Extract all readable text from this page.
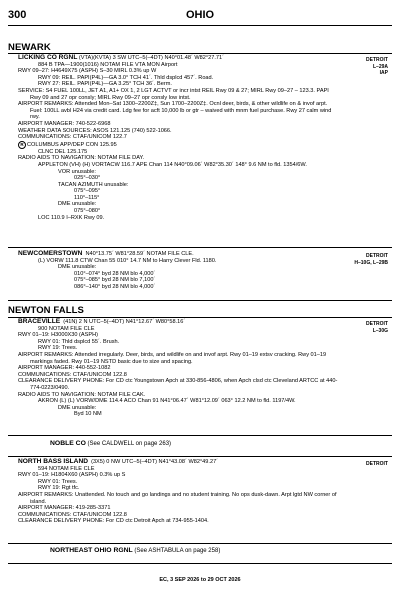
300	OHIO
NEWARK

LICKING CO RGNL (VTA)(KVTA) 3 SW UTC–5(–4DT) N40°01.48´ W82°27.71´

884 B TPA—1900(1016) NOTAM FILE VTA MON Airport

RWY 09–27: H4649X75 (ASPH) S–30 MIRL 0.3% up W

RWY 09: REIL. PAPI(P4L)—GA 3.0° TCH 41´. Thld dsplcd 457´. Road.

RWY 27: REIL. PAPI(P4L)—GA 3.25° TCH 36´. Berm.

SERVICE: S4 FUEL 100LL, JET A1, A1+ OX 1, 2 LGT ACTVT or incr intst REIL Rwy 09 & 27; MIRL Rwy 09–27 – 123.3. PAPI Rwy 09 and 27 opr consly; MIRL Rwy 09–27 opr consly low intst.

AIRPORT REMARKS: Attended Mon–Sat 1300–2200Z‡, Sun 1700–2200Z‡. Ocnl deer, birds, & other wildlife on & invof arpt. Fuel: 100LL avbl H24 via credit card. Ldg fee for acft 10,000 lb or gtr – waived with mnm fuel purchase. Rwy 27 calm wind rwy.

AIRPORT MANAGER: 740-522-6968

WEATHER DATA SOURCES: ASOS 121.125 (740) 522-1066.

COMMUNICATIONS: CTAF/UNICOM 122.7

R COLUMBUS APP/DEP CON 125.95

CLNC DEL 125.175

RADIO AIDS TO NAVIGATION: NOTAM FILE DAY.

APPLETON (VH) (H) VORTACW 116.7 APE Chan 114 N40°09.06´ W82°35.30´ 148° 9.6 NM to fld. 1354/6W.

VOR unusable:

025°–030°

TACAN AZIMUTH unusable:

075°–095°

110°–115°

DME unusable:

075°–080°

LOC 110.9 I–RXK Rwy 09.

DETROIT
L–29A
IAP

NEWCOMERSTOWN N40°13.75´ W81°28.59´ NOTAM FILE CLE.

(L) VORW 111.8 CTW Chan 55 010° 14.7 NM to Harry Clever Fld. 1180.

DME unusable:

010°–074° byd 28 NM blo 4,000´

075°–085° byd 28 NM blo 7,100´

086°–140° byd 28 NM blo 4,000´

DETROIT
H–10G, L–29B
NEWTON FALLS

BRACEVILLE (41N) 2 N UTC–5(–4DT) N41°12.67´ W80°58.16´

900 NOTAM FILE CLE

RWY 01–19: H3000X30 (ASPH)

RWY 01: Thld dsplcd 55´. Brush.

RWY 19: Trees.

AIRPORT REMARKS: Attended irregularly. Deer, birds, and wildlife on and invof arpt. Rwy 01–19 extsv cracking. Rwy 01–19 markings faded. Rwy 01–19 NSTD basic due to size and spacing.

AIRPORT MANAGER: 440-552-1082

COMMUNICATIONS: CTAF/UNICOM 122.8

CLEARANCE DELIVERY PHONE: For CD ctc Youngstown Apch at 330-856-4806, when Apch clsd ctc Cleveland ARTCC at 440-774-0223/0490.

RADIO AIDS TO NAVIGATION: NOTAM FILE CAK.

AKRON (L) (L) VORW/DME 114.4 ACO Chan 91 N41°06.47´ W81°12.09´ 063° 12.2 NM to fld. 1197/4W.

DME unusable:

Byd 10 NM

DETROIT
L–30G
NOBLE CO (See CALDWELL on page 263)

NORTH BASS ISLAND (3X5) 0 NW UTC–5(–4DT) N41°43.08´ W82°49.27´

594 NOTAM FILE CLE

RWY 01–19: H1804X60 (ASPH) 0.3% up S

RWY 01: Trees.

RWY 19: Rgt tfc.

AIRPORT REMARKS: Unattended. No touch and go landings and no student training. No ops dusk-dawn. Arpt lgtd NW corner of island.

AIRPORT MANAGER: 419-285-3371

COMMUNICATIONS: CTAF/UNICOM 122.8

CLEARANCE DELIVERY PHONE: For CD ctc Detroit Apch at 734-955-1404.

DETROIT
NORTHEAST OHIO RGNL (See ASHTABULA on page 258)
EC, 3 SEP 2026 to 29 OCT 2026
